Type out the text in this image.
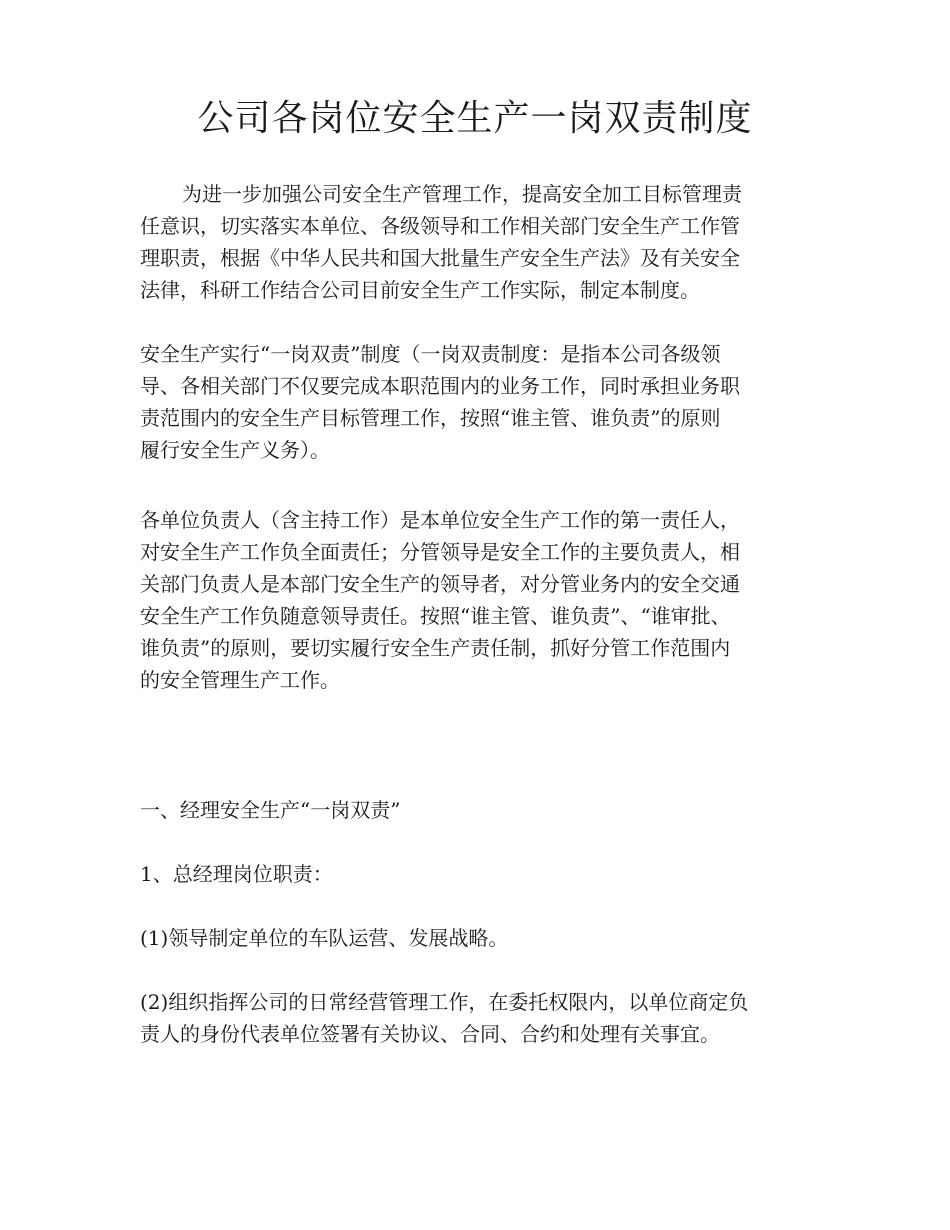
公司各岗位安全生产一岗双责制度
为进一步加强公司安全生产管理工作，提高安全加工目标管理责
任意识，切实落实本单位、各级领导和工作相关部门安全生产工作管
理职责，根据《中华人民共和国大批量生产安全生产法》及有关安全
法律，科研工作结合公司目前安全生产工作实际，制定本制度。
安全生产实行“一岗双责”制度（一岗双责制度：是指本公司各级领
导、各相关部门不仅要完成本职范围内的业务工作，同时承担业务职
责范围内的安全生产目标管理工作，按照“谁主管、谁负责”的原则
履行安全生产义务）。
各单位负责人（含主持工作）是本单位安全生产工作的第一责任人，
对安全生产工作负全面责任；分管领导是安全工作的主要负责人，相
关部门负责人是本部门安全生产的领导者，对分管业务内的安全交通
安全生产工作负随意领导责任。按照“谁主管、谁负责”、“谁审批、
谁负责”的原则，要切实履行安全生产责任制，抓好分管工作范围内
的安全管理生产工作。
一、经理安全生产“一岗双责”
1、总经理岗位职责：
(1)领导制定单位的车队运营、发展战略。
(2)组织指挥公司的日常经营管理工作，在委托权限内，以单位商定负
责人的身份代表单位签署有关协议、合同、合约和处理有关事宜。
